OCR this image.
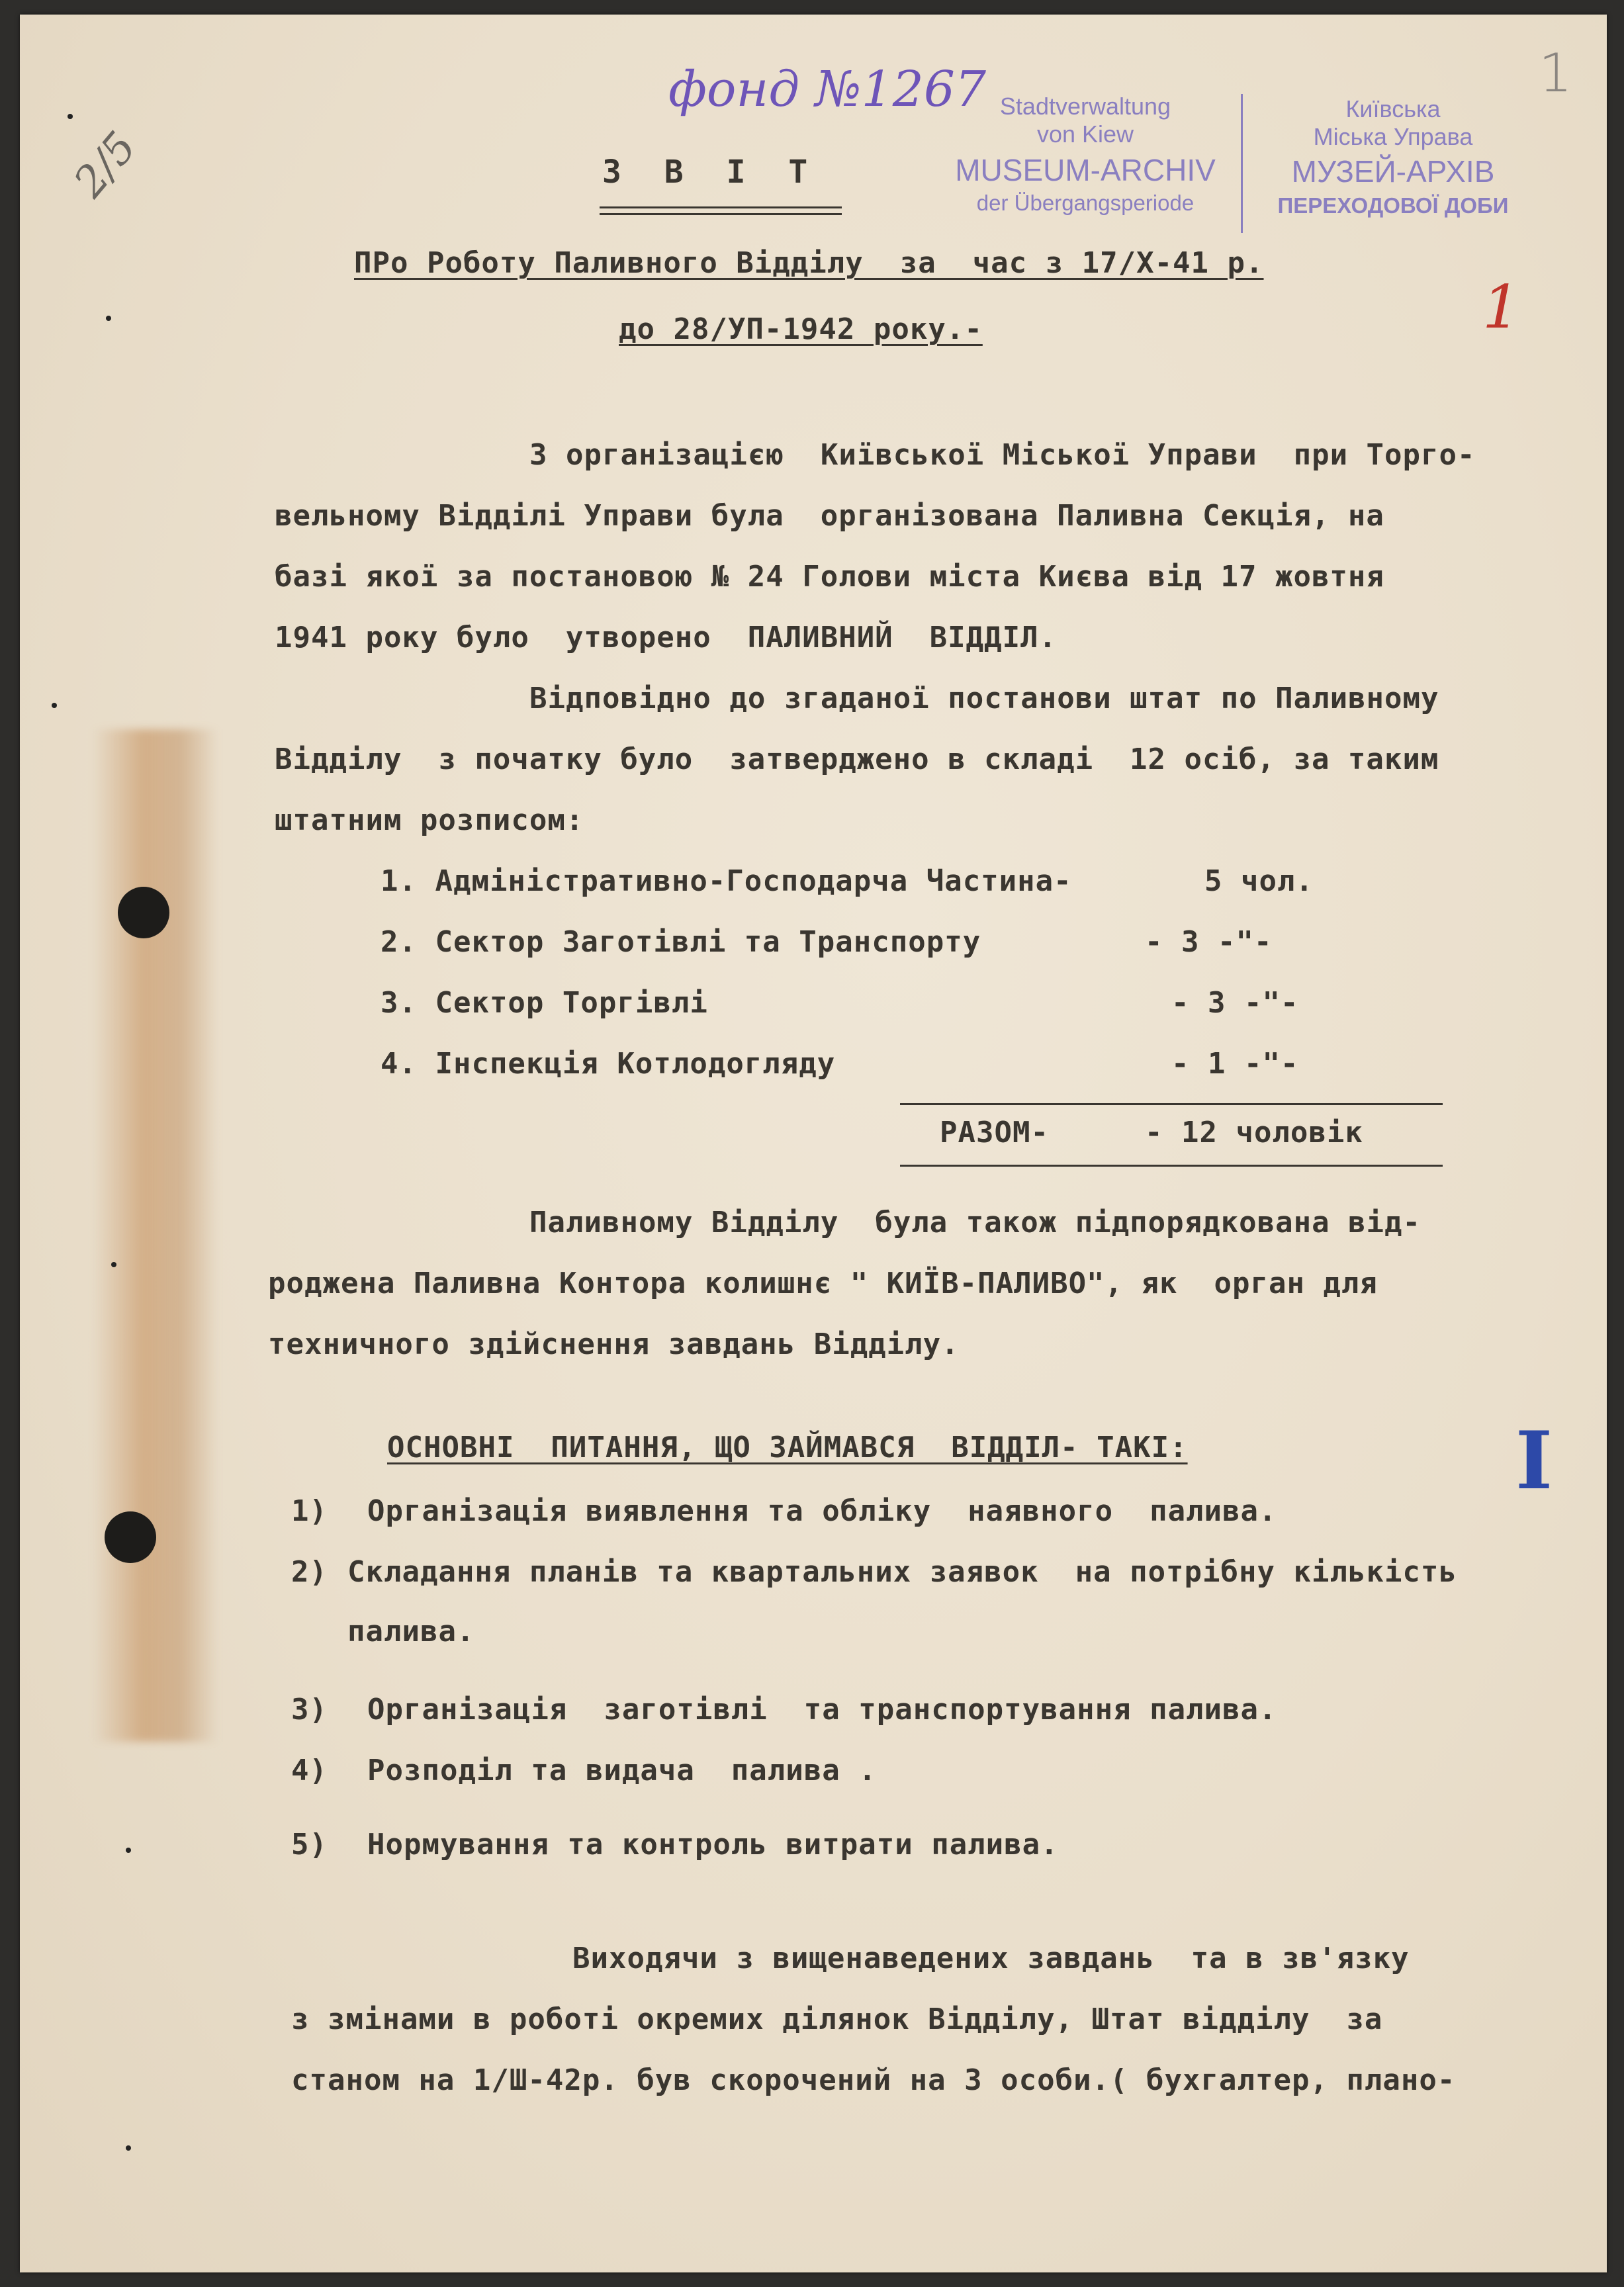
фонд №1267	1
1
I
2/5
Stadtverwaltung
von Kiew
MUSEUM-ARCHIV
der Übergangsperiode
Київська
Міська Управа
МУЗЕЙ-АРХІВ
ПЕРЕХОДОВОЇ ДОБИ
З В І Т
ПРо Роботу Паливного Відділу  за  час з 17/Х-41 р.
до 28/УП-1942 року.-
З організацією  Київської Міської Управи  при Торго-
вельному Відділі Управи була  організована Паливна Секція, на
базі якої за постановою № 24 Голови міста Києва від 17 жовтня
1941 року було  утворено  ПАЛИВНИЙ  ВІДДІЛ.
Відповідно до згаданої постанови штат по Паливному
Відділу  з початку було  затверджено в складі  12 осіб, за таким
штатним розписом:
1. Адміністративно-Господарча Частина-	5 чол.
2. Сектор Заготівлі та Транспорту	- 3 -"-
3. Сектор Торгівлі	- 3 -"-
4. Інспекція Котлодогляду	- 1 -"-
РАЗОМ-	- 12 чоловік
Паливному Відділу  була також підпорядкована від-
роджена Паливна Контора колишнє " КИЇВ-ПАЛИВО", як  орган для
техничного здійснення завдань Відділу.
ОСНОВНІ  ПИТАННЯ, ЩО ЗАЙМАВСЯ  ВІДДІЛ- ТАКІ:
1) Організація виявлення та обліку  наявного  палива.
2) Складання планів та квартальних заявок  на потрібну кількість
палива.
3) Організація  заготівлі  та транспортування палива.
4) Розподіл та видача  палива .
5) Нормування та контроль витрати палива.
Виходячи з вищенаведених завдань  та в зв'язку
з змінами в роботі окремих ділянок Відділу, Штат відділу  за
станом на 1/Ш-42р. був скорочений на 3 особи.( бухгалтер, плано-
